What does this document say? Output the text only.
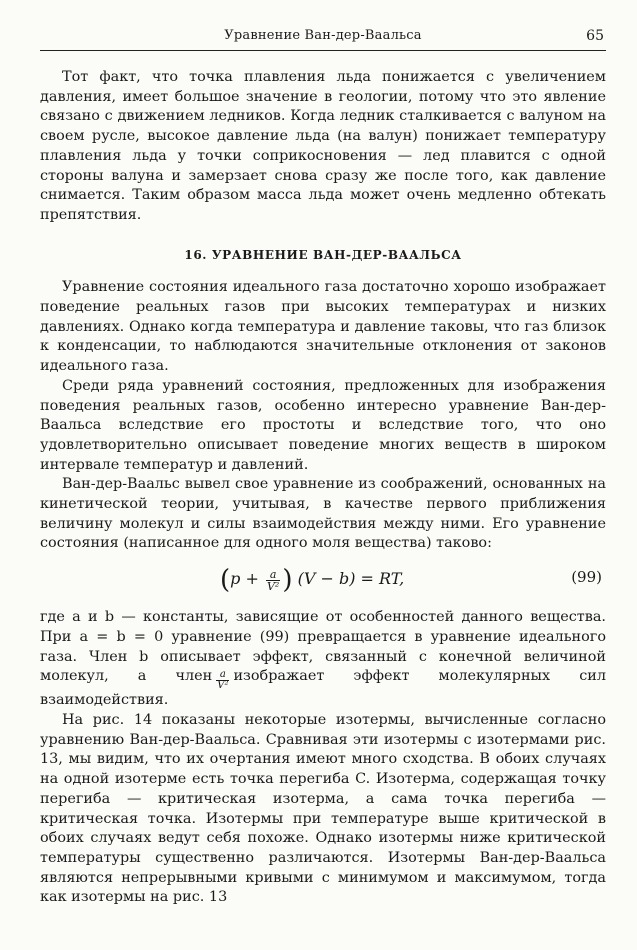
Уравнение Ван-дер-Ваальса	65

Тот факт, что точка плавления льда понижается с увеличением давления, имеет большое значение в геологии, потому что это явление связано с движением ледников. Когда ледник сталкивается с валуном на своем русле, высокое давление льда (на валун) понижает температуру плавления льда у точки соприкосновения — лед плавится с одной стороны валуна и замерзает снова сразу же после того, как давление снимается. Таким образом масса льда может очень медленно обтекать препятствия.

16. УРАВНЕНИЕ ВАН-ДЕР-ВААЛЬСА

Уравнение состояния идеального газа достаточно хорошо изображает поведение реальных газов при высоких температурах и низких давлениях. Однако когда температура и давление таковы, что газ близок к конденсации, то наблюдаются значительные отклонения от законов идеального газа.

Среди ряда уравнений состояния, предложенных для изображения поведения реальных газов, особенно интересно уравнение Ван-дер-Ваальса вследствие его простоты и вследствие того, что оно удовлетворительно описывает поведение многих веществ в широком интервале температур и давлений.

Ван-дер-Ваальс вывел свое уравнение из соображений, основанных на кинетической теории, учитывая, в качестве первого приближения величину молекул и силы взаимодействия между ними. Его уравнение состояния (написанное для одного моля вещества) таково:

($p + \frac{a}{\text{V²}}$ ) (V − b) = RT,	(99)

где a и b — константы, зависящие от особенностей данного вещества. При a = b = 0 уравнение (99) превращается в уравнение идеального газа. Член b описывает эффект, связанный с конечной величиной молекул, а член $\frac{a}{\text{V²}}$ изображает эффект молекулярных сил взаимодействия.

На рис. 14 показаны некоторые изотермы, вычисленные согласно уравнению Ван-дер-Ваальса. Сравнивая эти изотермы с изотермами рис. 13, мы видим, что их очертания имеют много сходства. В обоих случаях на одной изотерме есть точка перегиба C. Изотерма, содержащая точку перегиба — критическая изотерма, а сама точка перегиба — критическая точка. Изотермы при температуре выше критической в обоих случаях ведут себя похоже. Однако изотермы ниже критической температуры существенно различаются. Изотермы Ван-дер-Ваальса являются непрерывными кривыми с минимумом и максимумом, тогда как изотермы на рис. 13
